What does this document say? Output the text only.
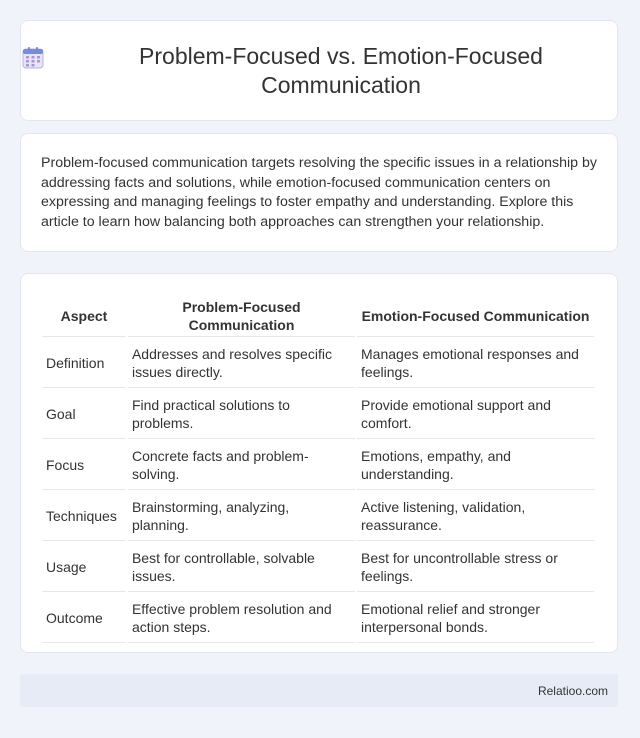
Problem-Focused vs. Emotion-Focused Communication

Problem-focused communication targets resolving the specific issues in a relationship by addressing facts and solutions, while emotion-focused communication centers on expressing and managing feelings to foster empathy and understanding. Explore this article to learn how balancing both approaches can strengthen your relationship.

Aspect	Problem-Focused Communication	Emotion-Focused Communication
Definition	Addresses and resolves specific issues directly.	Manages emotional responses and feelings.
Goal	Find practical solutions to problems.	Provide emotional support and comfort.
Focus	Concrete facts and problem-solving.	Emotions, empathy, and understanding.
Techniques	Brainstorming, analyzing, planning.	Active listening, validation, reassurance.
Usage	Best for controllable, solvable issues.	Best for uncontrollable stress or feelings.
Outcome	Effective problem resolution and action steps.	Emotional relief and stronger interpersonal bonds.
Relatioo.com
